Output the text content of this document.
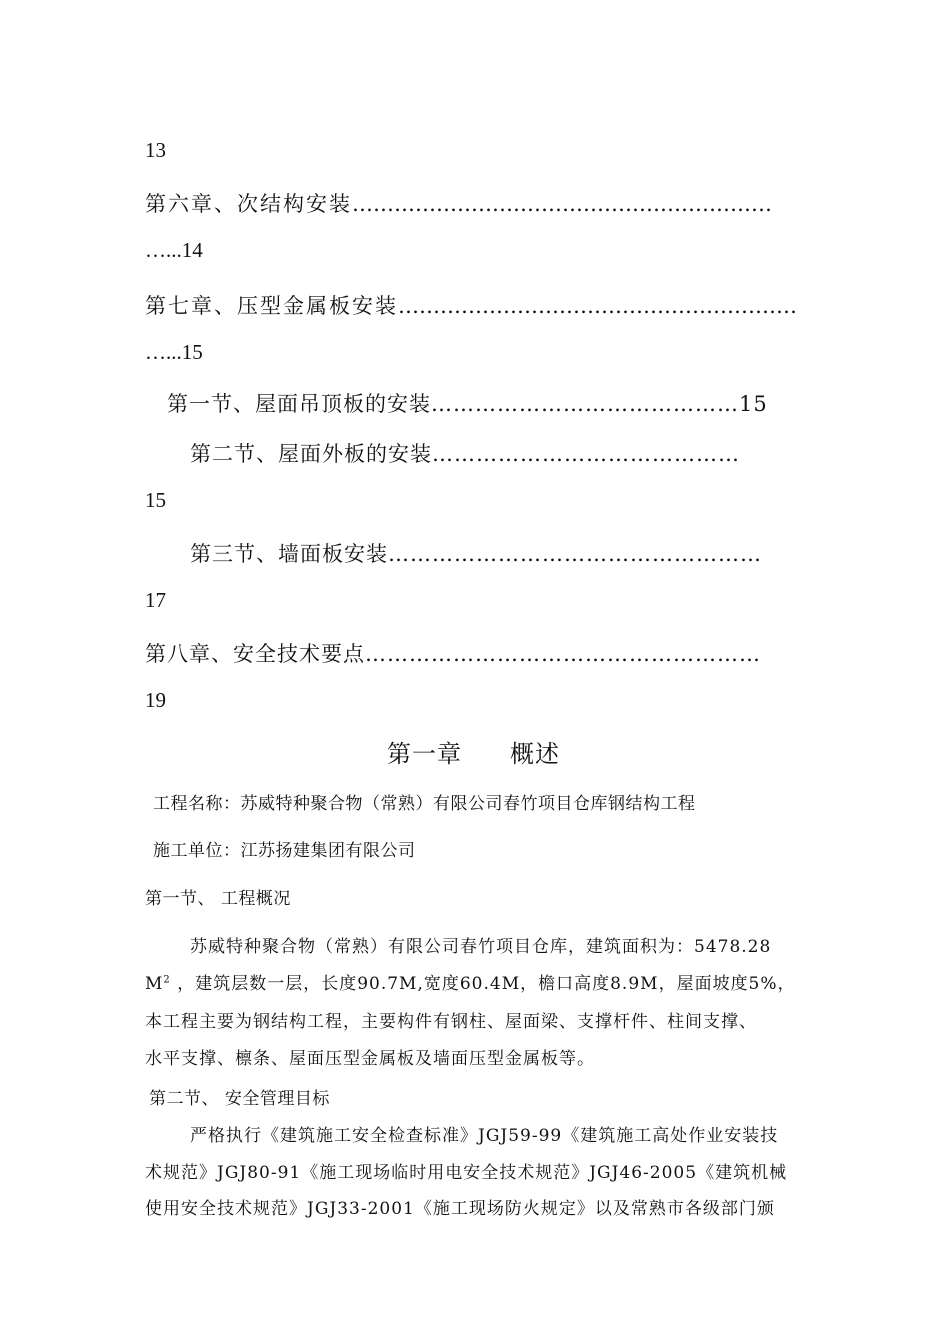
13
第六章、次结构安装……………………………………………………
…...14
第七章、压型金属板安装…………………………………………………
…...15
第一节、屋面吊顶板的安装……………………………………15
第二节、屋面外板的安装……………………………………
15
第三节、墙面板安装……………………………………………
17
第八章、安全技术要点………………………………………………
19
第一章 概述
工程名称：苏威特种聚合物（常熟）有限公司春竹项目仓库钢结构工程
施工单位：江苏扬建集团有限公司
第一节、 工程概况
苏威特种聚合物（常熟）有限公司春竹项目仓库，建筑面积为：5478.28
$M^2$ ，建筑层数一层，长度90.7M,宽度60.4M，檐口高度8.9M，屋面坡度5%，
本工程主要为钢结构工程，主要构件有钢柱、屋面梁、支撑杆件、柱间支撑、
水平支撑、檩条、屋面压型金属板及墙面压型金属板等。
第二节、 安全管理目标
严格执行《建筑施工安全检查标准》JGJ59-99《建筑施工高处作业安装技
术规范》JGJ80-91《施工现场临时用电安全技术规范》JGJ46-2005《建筑机械
使用安全技术规范》JGJ33-2001《施工现场防火规定》以及常熟市各级部门颁
